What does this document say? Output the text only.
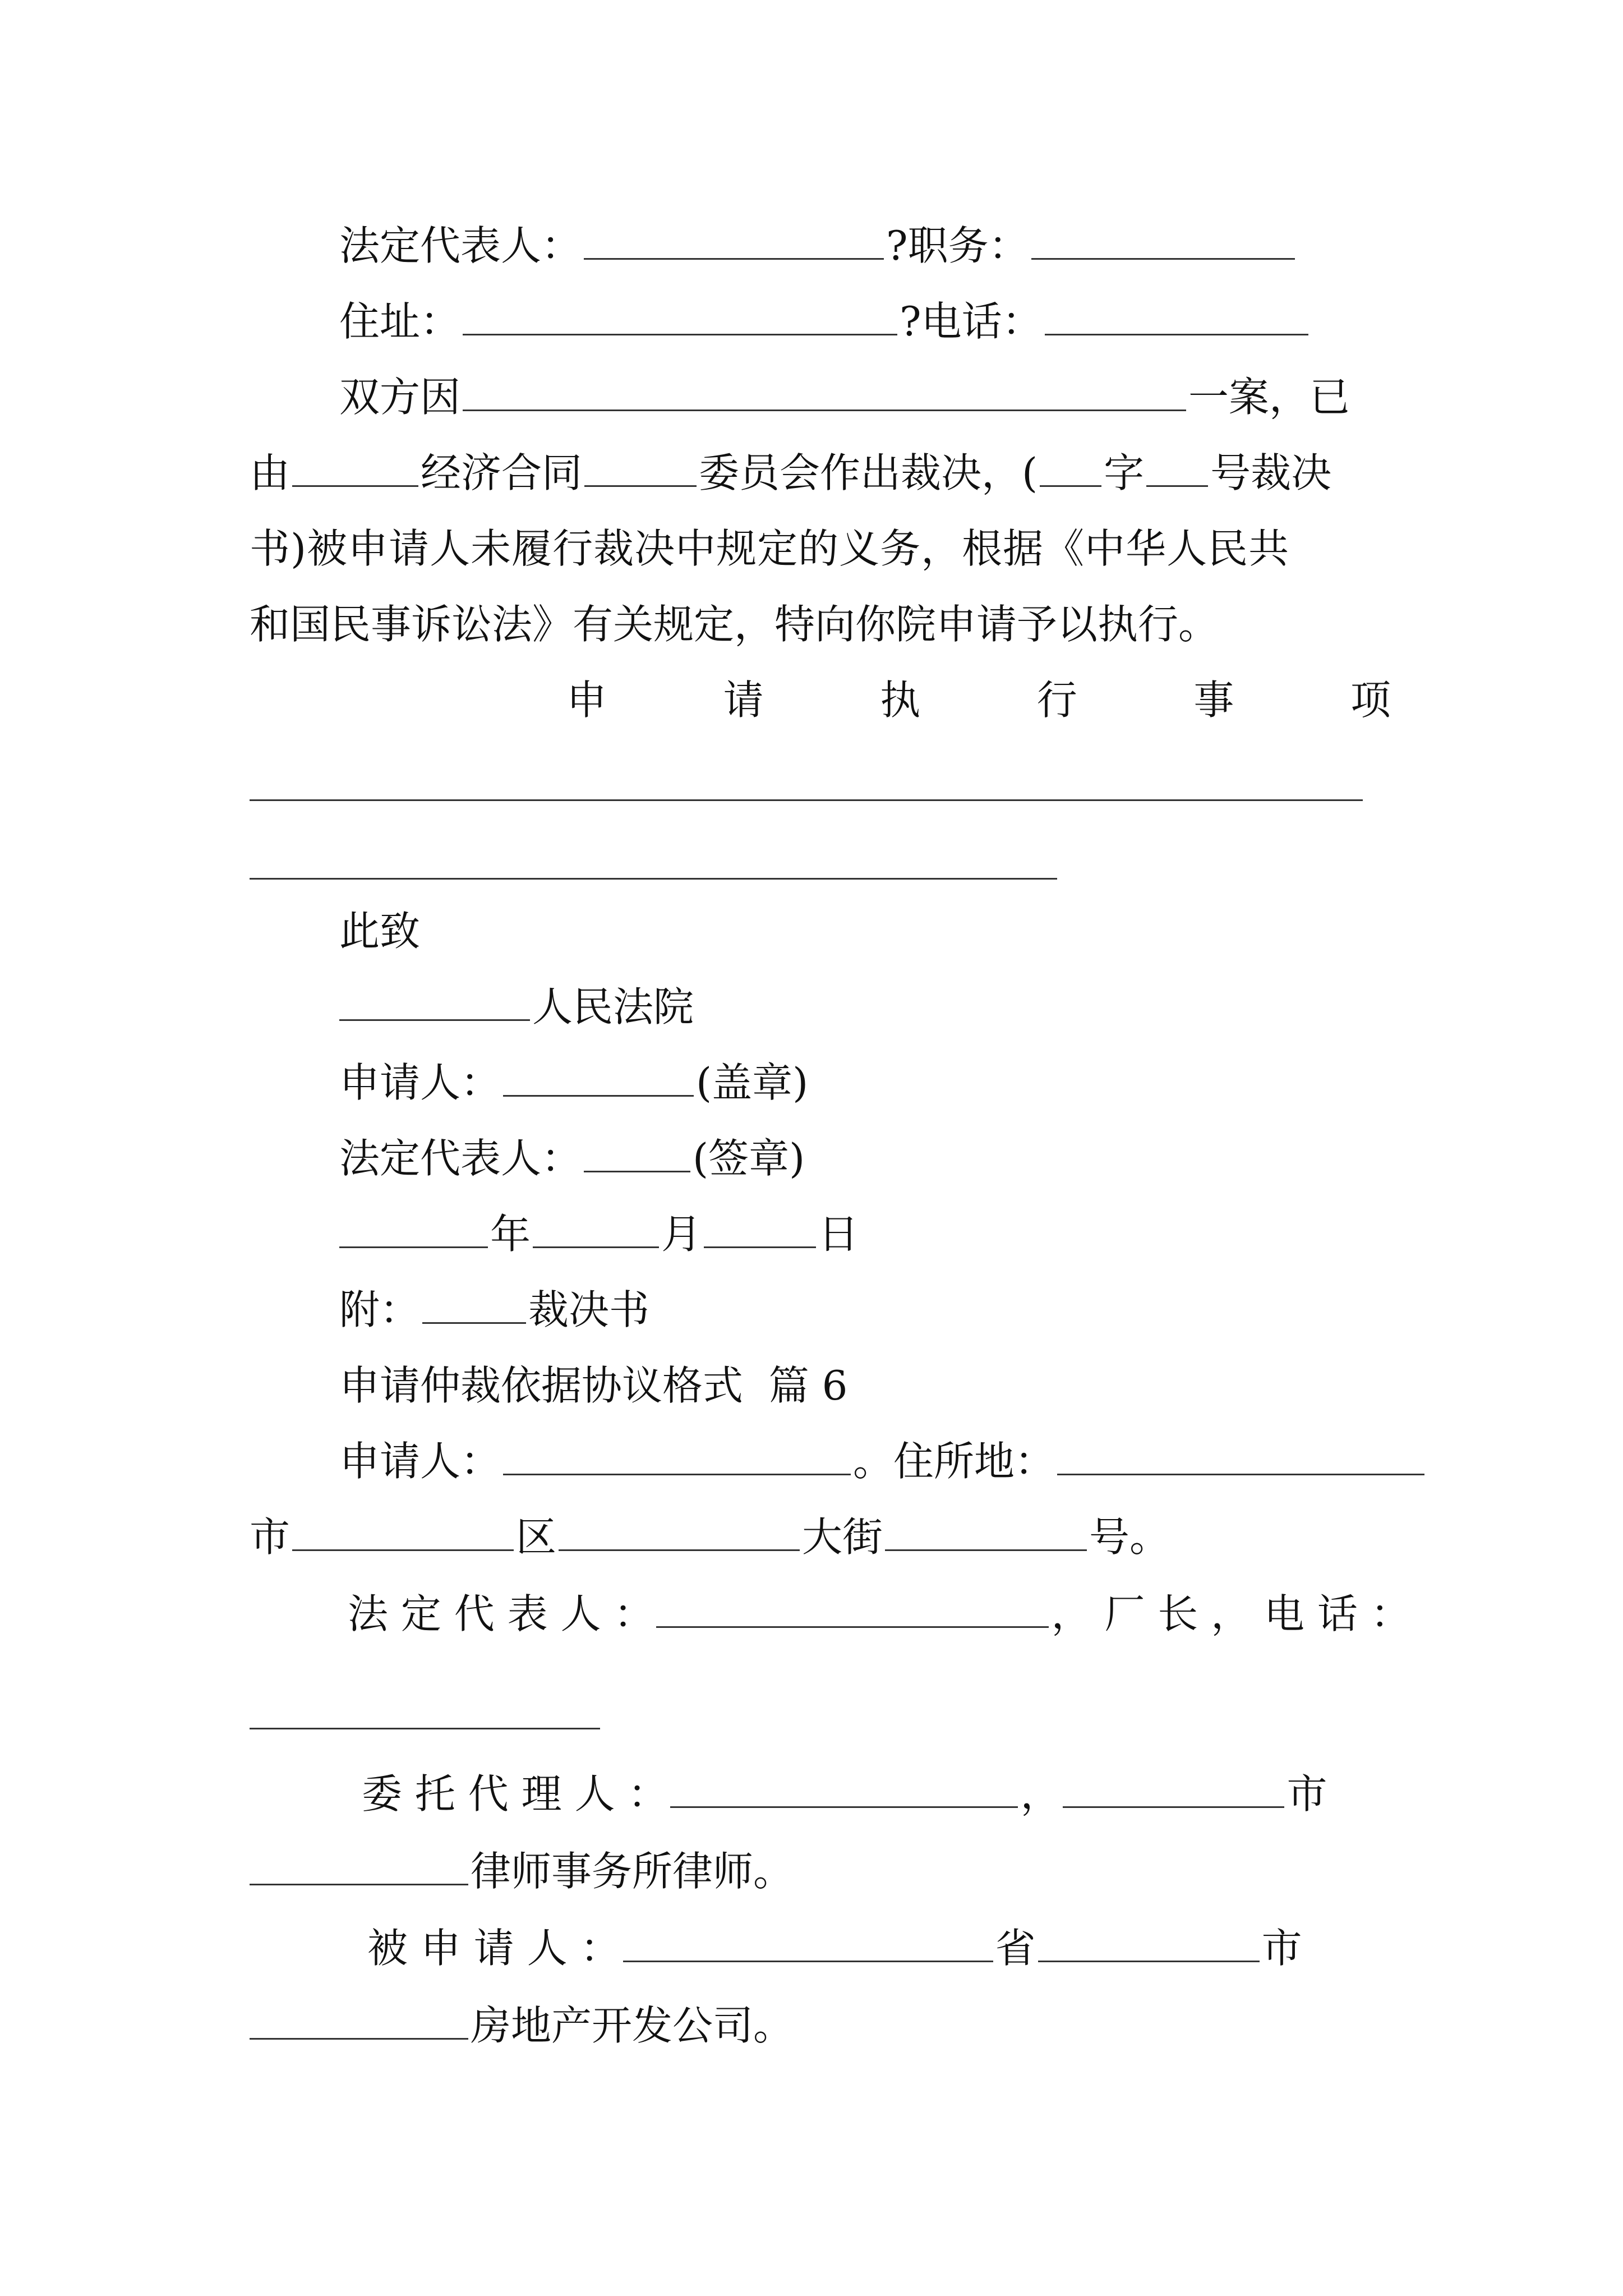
法定代表人：	?职务：
住址：	?电话：
双方因	一案，已
由	经济合同	委员会作出裁决，( 字 号裁决
书)被申请人未履行裁决中规定的义务，根据《中华人民共
和国民事诉讼法》有关规定，特向你院申请予以执行。
申	请	执	行	事	项
此致
人民法院
申请人：	(盖章)
法定代表人：	(签章)
年	月	日
附：	裁决书
申请仲裁依据协议格式  篇 6
申请人：	。住所地：
市	区	大街	号。
法 定 代 表 人 ：	， 厂 长 ， 电 话 ：
委 托 代 理 人 ：	，	市
律师事务所律师。
被 申 请 人 ：	省	市
房地产开发公司。
